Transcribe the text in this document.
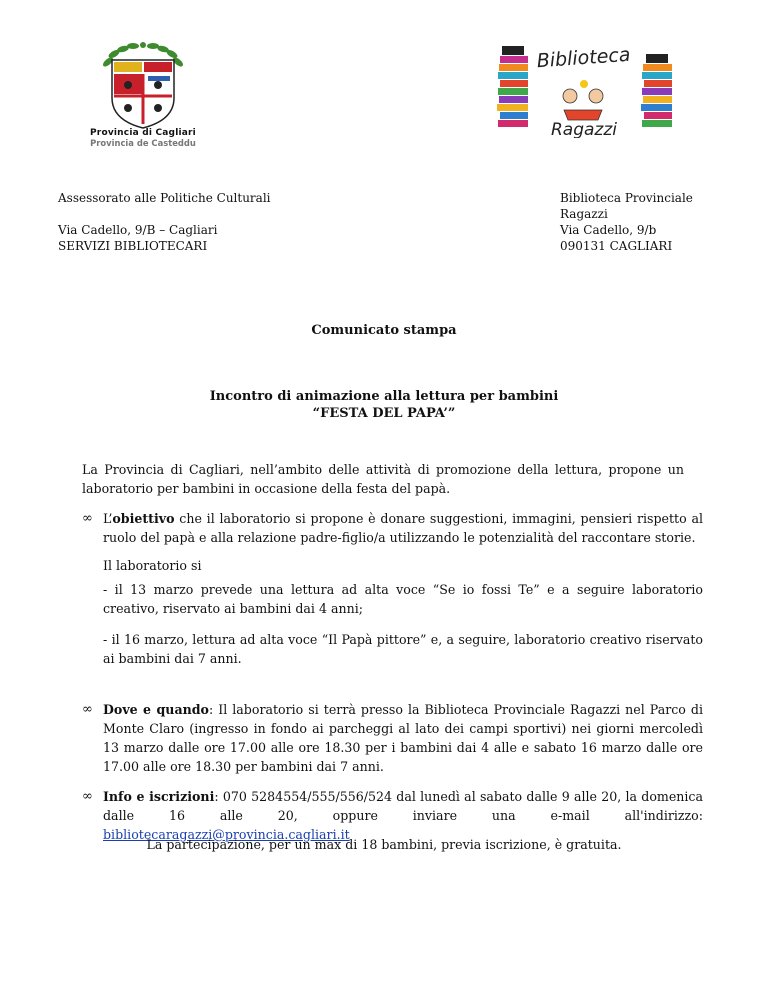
Provincia di Cagliari
Provincia de Casteddu
Biblioteca
Ragazzi
Assessorato alle Politiche Culturali
Via Cadello, 9/B – Cagliari
SERVIZI BIBLIOTECARI
Biblioteca Provinciale
Ragazzi
Via Cadello, 9/b
090131 CAGLIARI
Comunicato stampa
Incontro di animazione alla lettura per bambini
“FESTA DEL PAPA’”
La Provincia di Cagliari, nell’ambito delle attività di promozione della lettura, propone un laboratorio per bambini in occasione della festa del papà.
∞ L’obiettivo che il laboratorio si propone è donare suggestioni, immagini, pensieri rispetto al ruolo del papà e alla relazione padre-figlio/a utilizzando le potenzialità del raccontare storie.
Il laboratorio si
- il 13 marzo prevede una lettura ad alta voce “Se io fossi Te” e a seguire laboratorio creativo, riservato ai bambini dai 4 anni;
- il 16 marzo, lettura ad alta voce “Il Papà pittore” e, a seguire, laboratorio creativo riservato ai bambini dai 7 anni.
∞ Dove e quando: Il laboratorio si terrà presso la Biblioteca Provinciale Ragazzi nel Parco di Monte Claro (ingresso in fondo ai parcheggi al lato dei campi sportivi) nei giorni mercoledì 13 marzo dalle ore 17.00 alle ore 18.30 per i bambini dai 4 alle e sabato 16 marzo dalle ore 17.00 alle ore 18.30 per bambini dai 7 anni.
∞ Info e iscrizioni: 070 5284554/555/556/524 dal lunedì al sabato dalle 9 alle 20, la domenica dalle 16 alle 20, oppure inviare una e-mail all'indirizzo: bibliotecaragazzi@provincia.cagliari.it
La partecipazione, per un max di 18 bambini, previa iscrizione, è gratuita.
